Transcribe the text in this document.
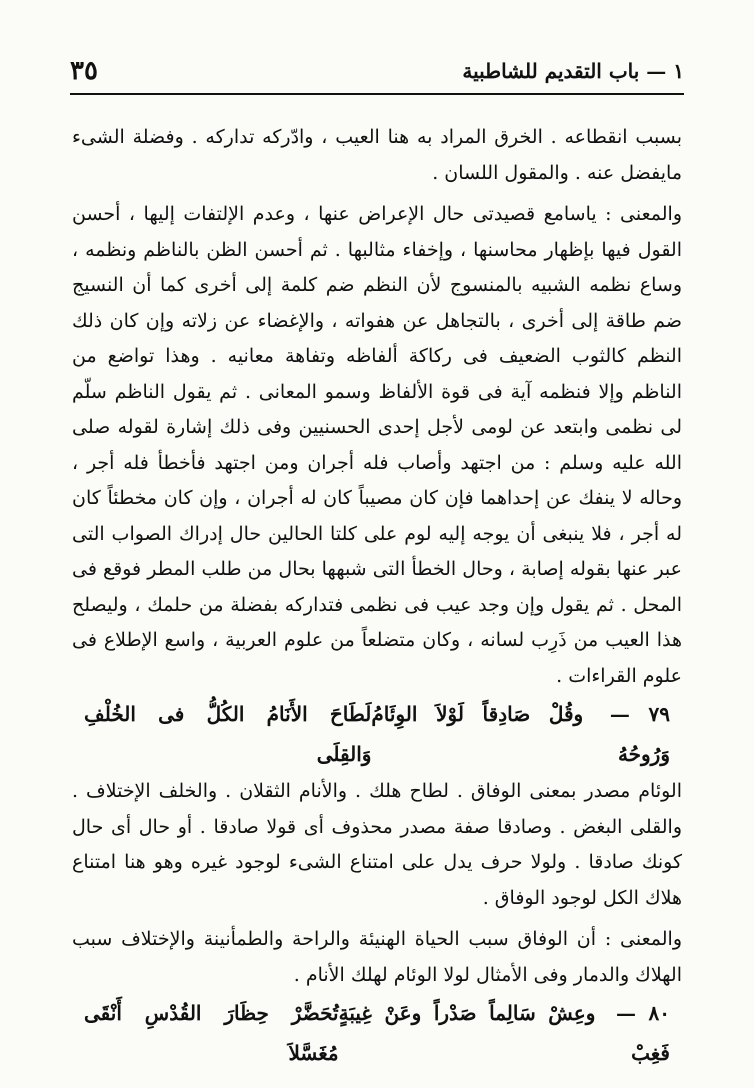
١ — باب التقديم للشاطبية
٣٥

بسبب انقطاعه . الخرق المراد به هنا العيب ، وادّركه تداركه . وفضلة الشىء مايفضل عنه . والمقول اللسان .

والمعنى : ياسامع قصيدتى حال الإعراض عنها ، وعدم الإلتفات إليها ، أحسن القول فيها بإظهار محاسنها ، وإخفاء مثالبها . ثم أحسن الظن بالناظم ونظمه ، وساع نظمه الشبيه بالمنسوج لأن النظم ضم كلمة إلى أخرى كما أن النسيج ضم طاقة إلى أخرى ، بالتجاهل عن هفواته ، والإغضاء عن زلاته وإن كان ذلك النظم كالثوب الضعيف فى ركاكة ألفاظه وتفاهة معانيه . وهذا تواضع من الناظم وإلا فنظمه آية فى قوة الألفاظ وسمو المعانى . ثم يقول الناظم سلّم لى نظمى وابتعد عن لومى لأجل إحدى الحسنيين وفى ذلك إشارة لقوله صلى الله عليه وسلم : من اجتهد وأصاب فله أجران ومن اجتهد فأخطأ فله أجر ، وحاله لا ينفك عن إحداهما فإن كان مصيباً كان له أجران ، وإن كان مخطئاً كان له أجر ، فلا ينبغى أن يوجه إليه لوم على كلتا الحالين حال إدراك الصواب التى عبر عنها بقوله إصابة ، وحال الخطأ التى شبهها بحال من طلب المطر فوقع فى المحل . ثم يقول وإن وجد عيب فى نظمى فتداركه بفضلة من حلمك ، وليصلح هذا العيب من ذَرِب لسانه ، وكان متضلعاً من علوم العربية ، واسع الإطلاع فى علوم القراءات .

٧٩ — وقُلْ صَادِقاً لَوْلاَ الوِئَامُ وَرُوحُهُ
لَطَاحَ الأَنَامُ الكُلُّ فى الخُلْفِ وَالقِلَى

الوئام مصدر بمعنى الوفاق . لطاح هلك . والأنام الثقلان . والخلف الإختلاف . والقلى البغض . وصادقا صفة مصدر محذوف أى قولا صادقا . أو حال أى حال كونك صادقا . ولولا حرف يدل على امتناع الشىء لوجود غيره وهو هنا امتناع هلاك الكل لوجود الوفاق .

والمعنى : أن الوفاق سبب الحياة الهنيئة والراحة والطمأنينة والإختلاف سبب الهلاك والدمار وفى الأمثال لولا الوئام لهلك الأنام .

٨٠ — وعِشْ سَالِماً صَدْراً وعَنْ غِيبَةٍ فَغِبْ
تُحَضَّرْ حِظَارَ القُدْسِ أَنْقَى مُغَسَّلاَ
